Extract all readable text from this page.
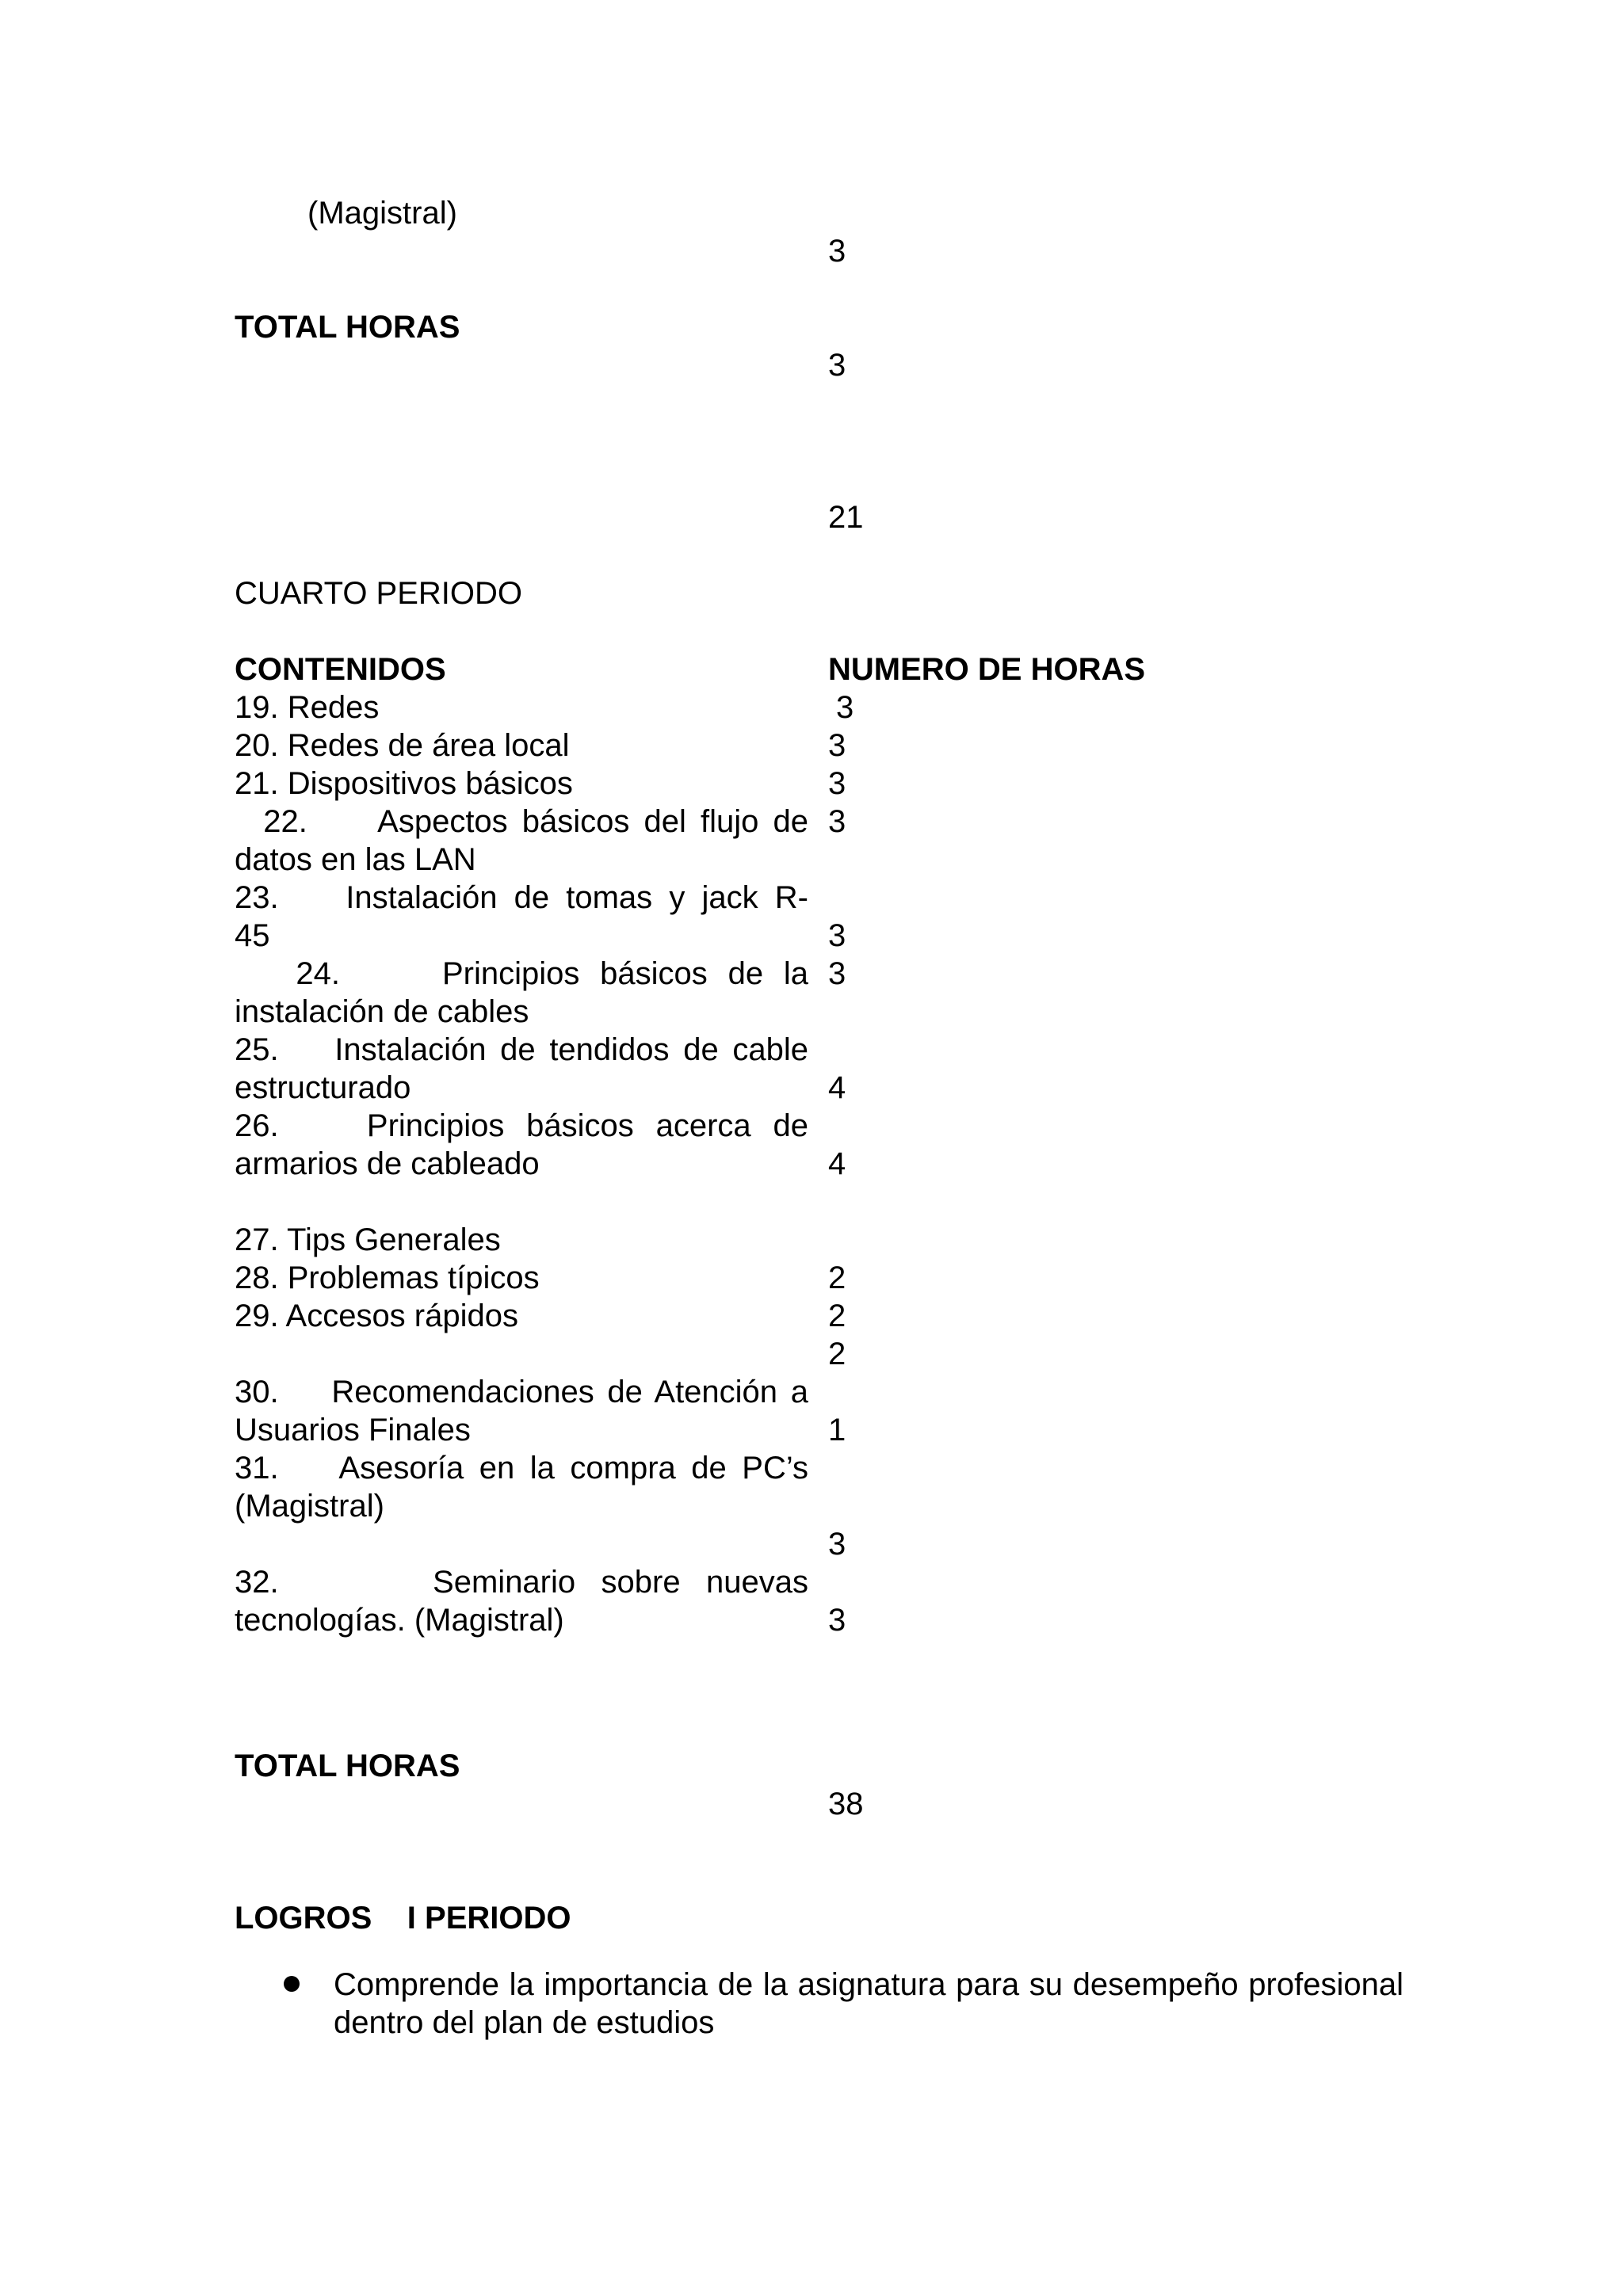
(Magistral)
3
TOTAL HORAS
3
21
CUARTO PERIODO
CONTENIDOS	NUMERO DE HORAS
19. Redes
20. Redes de área local
21. Dispositivos básicos
22.     Aspectos básicos del flujo de
datos en las LAN
23.    Instalación de tomas y jack R-
45
24.     Principios básicos de la
instalación de cables
25.    Instalación de tendidos de cable
estructurado
26.    Principios básicos acerca de
armarios de cableado
27. Tips Generales
28. Problemas típicos
29. Accesos rápidos
30.    Recomendaciones de Atención a
Usuarios Finales
31.    Asesoría en la compra de PC’s
(Magistral)
32.      Seminario sobre nuevas
tecnologías. (Magistral)
3
3
3
3
3
3
4
4
2
2
2
1
3
3
TOTAL HORAS
38
LOGROS    I PERIODO
Comprende la importancia de la asignatura para su desempeño profesional dentro del plan de estudios
